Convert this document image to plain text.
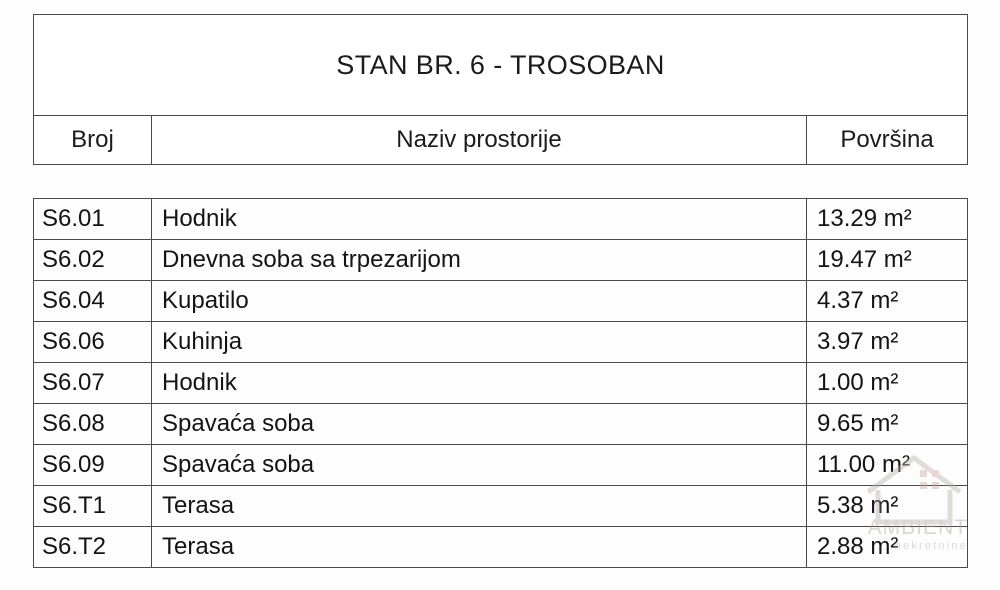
STAN BR. 6 - TROSOBAN
Broj	Naziv prostorije	Površina
S6.01	Hodnik	13.29 m²
S6.02	Dnevna soba sa trpezarijom	19.47 m²
S6.04	Kupatilo	4.37 m²
S6.06	Kuhinja	3.97 m²
S6.07	Hodnik	1.00 m²
S6.08	Spavaća soba	9.65 m²
S6.09	Spavaća soba	11.00 m²
S6.T1	Terasa	5.38 m²
S6.T2	Terasa	2.88 m²
AMBIENT
nekretnine
